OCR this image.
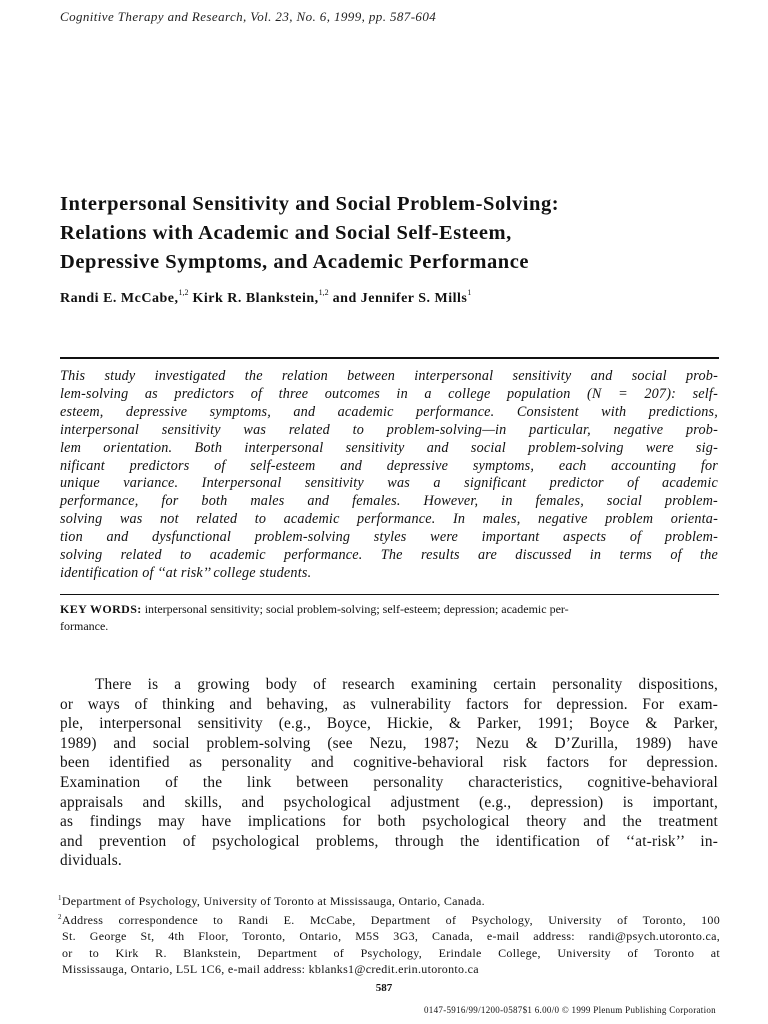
Cognitive Therapy and Research, Vol. 23, No. 6, 1999, pp. 587-604
Interpersonal Sensitivity and Social Problem-Solving:
Relations with Academic and Social Self-Esteem,
Depressive Symptoms, and Academic Performance
Randi E. McCabe,$^{1,2}$ Kirk R. Blankstein,$^{1,2}$ and Jennifer S. Mills$^1$
This study investigated the relation between interpersonal sensitivity and social prob-
lem-solving as predictors of three outcomes in a college population (N = 207): self-
esteem, depressive symptoms, and academic performance. Consistent with predictions,
interpersonal sensitivity was related to problem-solving—in particular, negative prob-
lem orientation. Both interpersonal sensitivity and social problem-solving were sig-
nificant predictors of self-esteem and depressive symptoms, each accounting for
unique variance. Interpersonal sensitivity was a significant predictor of academic
performance, for both males and females. However, in females, social problem-
solving was not related to academic performance. In males, negative problem orienta-
tion and dysfunctional problem-solving styles were important aspects of problem-
solving related to academic performance. The results are discussed in terms of the
identification of ‘‘at risk’’ college students.
KEY WORDS: interpersonal sensitivity; social problem-solving; self-esteem; depression; academic per-
formance.
There is a growing body of research examining certain personality dispositions,
or ways of thinking and behaving, as vulnerability factors for depression. For exam-
ple, interpersonal sensitivity (e.g., Boyce, Hickie, & Parker, 1991; Boyce & Parker,
1989) and social problem-solving (see Nezu, 1987; Nezu & D’Zurilla, 1989) have
been identified as personality and cognitive-behavioral risk factors for depression.
Examination of the link between personality characteristics, cognitive-behavioral
appraisals and skills, and psychological adjustment (e.g., depression) is important,
as findings may have implications for both psychological theory and the treatment
and prevention of psychological problems, through the identification of ‘‘at-risk’’ in-
dividuals.
$^1$Department of Psychology, University of Toronto at Mississauga, Ontario, Canada.
$^2$Address correspondence to Randi E. McCabe, Department of Psychology, University of Toronto, 100
St. George St, 4th Floor, Toronto, Ontario, M5S 3G3, Canada, e-mail address: randi@psych.utoronto.ca,
or to Kirk R. Blankstein, Department of Psychology, Erindale College, University of Toronto at
Mississauga, Ontario, L5L 1C6, e-mail address: kblanks1@credit.erin.utoronto.ca
587
0147-5916/99/1200-0587$1 6.00/0 © 1999 Plenum Publishing Corporation
